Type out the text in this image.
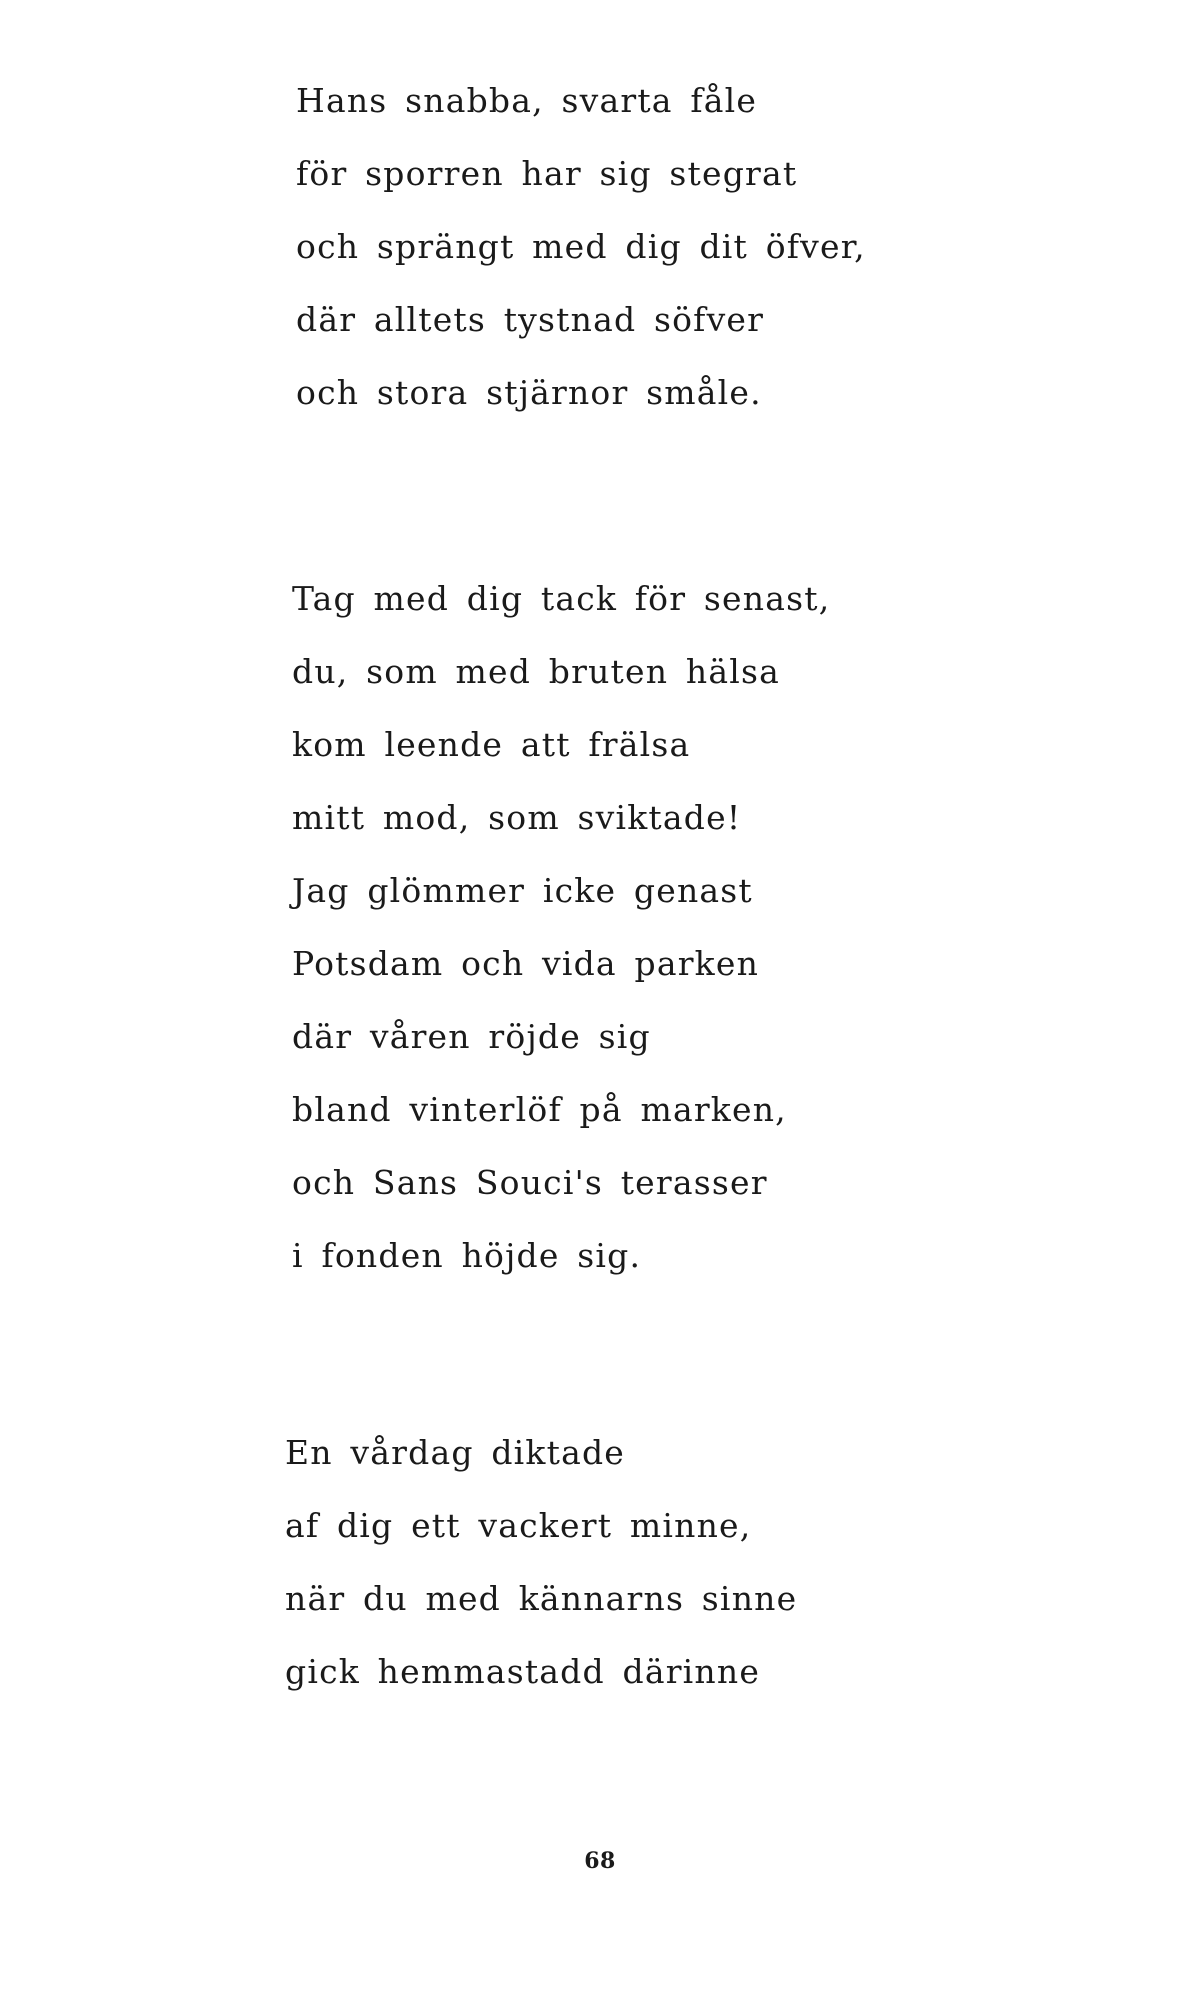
Hans snabba, svarta fåle
för sporren har sig stegrat
och sprängt med dig dit öfver,
där alltets tystnad söfver
och stora stjärnor småle.
Tag med dig tack för senast,
du, som med bruten hälsa
kom leende att frälsa
mitt mod, som sviktade!
Jag glömmer icke genast
Potsdam och vida parken
där våren röjde sig
bland vinterlöf på marken,
och Sans Souci's terasser
i fonden höjde sig.
En vårdag diktade
af dig ett vackert minne,
när du med kännarns sinne
gick hemmastadd därinne
68
